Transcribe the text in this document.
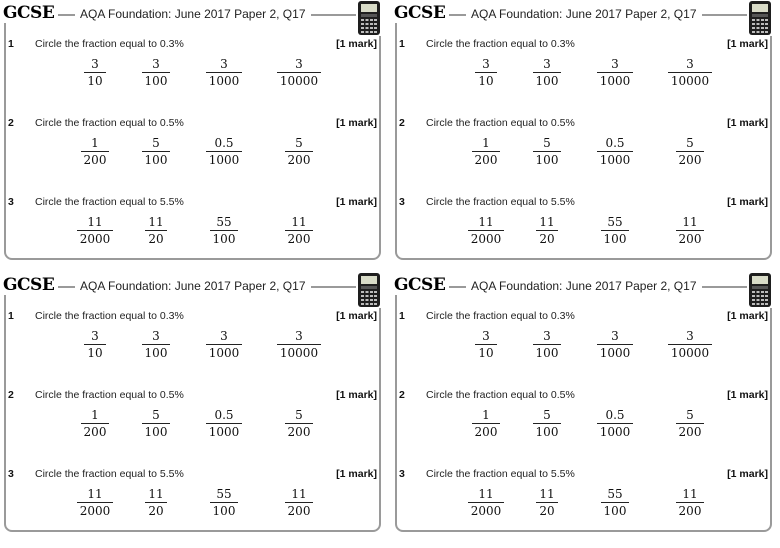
GCSE	AQA Foundation: June 2017 Paper 2, Q17
1 Circle the fraction equal to 0.3%	[1 mark]
$\frac{3}{10}$	$\frac{3}{100}$	$\frac{3}{1000}$	$\frac{3}{10000}$
2 Circle the fraction equal to 0.5%	[1 mark]
$\frac{1}{200}$	$\frac{5}{100}$	$\frac{0.5}{1000}$	$\frac{5}{200}$
3 Circle the fraction equal to 5.5%	[1 mark]
$\frac{11}{2000}$	$\frac{11}{20}$	$\frac{55}{100}$	$\frac{11}{200}$
GCSE	AQA Foundation: June 2017 Paper 2, Q17
1 Circle the fraction equal to 0.3%	[1 mark]
$\frac{3}{10}$	$\frac{3}{100}$	$\frac{3}{1000}$	$\frac{3}{10000}$
2 Circle the fraction equal to 0.5%	[1 mark]
$\frac{1}{200}$	$\frac{5}{100}$	$\frac{0.5}{1000}$	$\frac{5}{200}$
3 Circle the fraction equal to 5.5%	[1 mark]
$\frac{11}{2000}$	$\frac{11}{20}$	$\frac{55}{100}$	$\frac{11}{200}$
GCSE	AQA Foundation: June 2017 Paper 2, Q17
1 Circle the fraction equal to 0.3%	[1 mark]
$\frac{3}{10}$	$\frac{3}{100}$	$\frac{3}{1000}$	$\frac{3}{10000}$
2 Circle the fraction equal to 0.5%	[1 mark]
$\frac{1}{200}$	$\frac{5}{100}$	$\frac{0.5}{1000}$	$\frac{5}{200}$
3 Circle the fraction equal to 5.5%	[1 mark]
$\frac{11}{2000}$	$\frac{11}{20}$	$\frac{55}{100}$	$\frac{11}{200}$
GCSE	AQA Foundation: June 2017 Paper 2, Q17
1 Circle the fraction equal to 0.3%	[1 mark]
$\frac{3}{10}$	$\frac{3}{100}$	$\frac{3}{1000}$	$\frac{3}{10000}$
2 Circle the fraction equal to 0.5%	[1 mark]
$\frac{1}{200}$	$\frac{5}{100}$	$\frac{0.5}{1000}$	$\frac{5}{200}$
3 Circle the fraction equal to 5.5%	[1 mark]
$\frac{11}{2000}$	$\frac{11}{20}$	$\frac{55}{100}$	$\frac{11}{200}$
